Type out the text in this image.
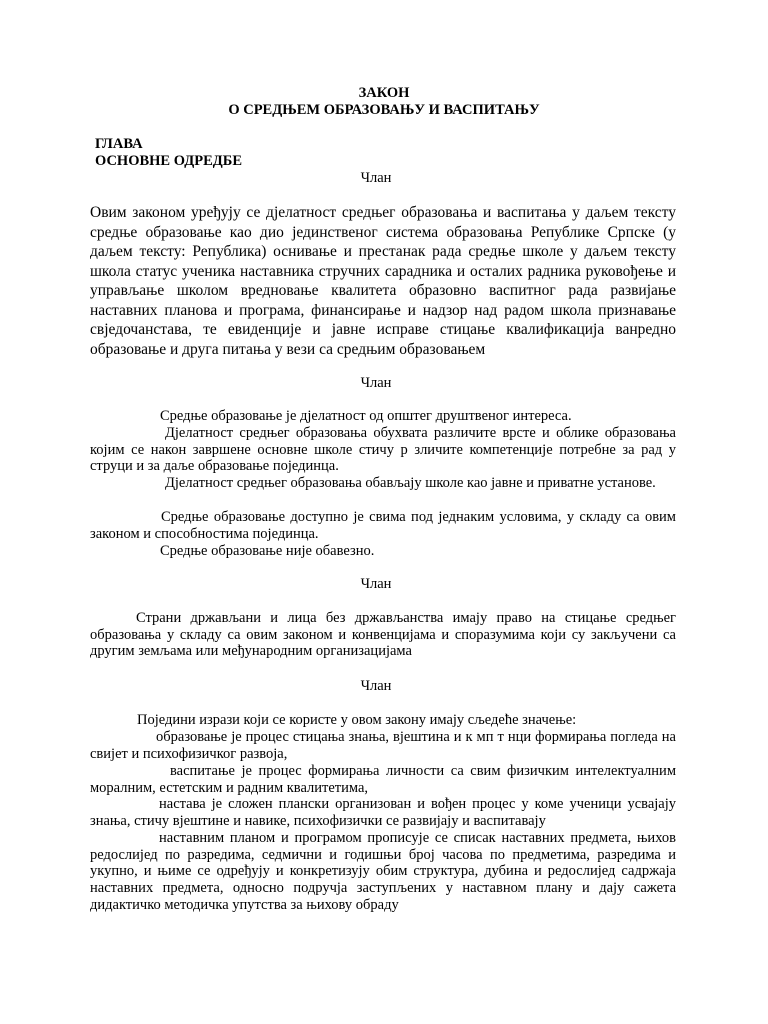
ЗАКОН
О СРЕДЊЕМ ОБРАЗОВАЊУ И ВАСПИТАЊУ
ГЛАВА
ОСНОВНЕ ОДРЕДБЕ
Члан
Овим законом уређују се дјелатност средњег образовања и васпитања у даљем тексту средње образовање као дио јединственог система образовања Републике Српске (у даљем тексту: Република) оснивање и престанак рада средње школе у даљем тексту школа статус ученика наставника стручних сарадника и осталих радника руковођење и управљање школом вредновање квалитета образовно васпитног рада развијање наставних планова и програма, финансирање и надзор над радом школа признавање свједочанстава, те евиденције и јавне исправе стицање квалификација ванредно образовање и друга питања у вези са средњим образовањем
Члан
Средње образовање је дјелатност од општег друштвеног интереса.
Дјелатност средњег образовања обухвата различите врсте и облике образовања којим се након завршене основне школе стичу р зличите компетенције потребне за рад у струци и за даље образовање појединца.
Дјелатност средњег образовања обављају школе као јавне и приватне установе.
Средње образовање доступно је свима под једнаким условима, у складу са овим законом и способностима појединца.
Средње образовање није обавезно.
Члан
Страни држављани и лица без држављанства имају право на стицање средњег образовања у складу са овим законом и конвенцијама и споразумима који су закључени са другим земљама или међународним организацијама
Члан
Поједини изрази који се користе у овом закону имају сљедеће значење:
образовање је процес стицања знања, вјештина и к мп т нци формирања погледа на свијет и психофизичког развоја,
васпитање је процес формирања личности са свим физичким интелектуалним моралним, естетским и радним квалитетима,
настава је сложен плански организован и вођен процес у коме ученици усвајају знања, стичу вјештине и навике, психофизички се развијају и васпитавају
наставним планом и програмом прописује се списак наставних предмета, њихов редослијед по разредима, седмични и годишњи број часова по предметима, разредима и укупно, и њиме се одређују и конкретизују обим структура, дубина и редослијед садржаја наставних предмета, односно подручја заступљених у наставном плану и дају сажета дидактичко методичка упутства за њихову обраду
